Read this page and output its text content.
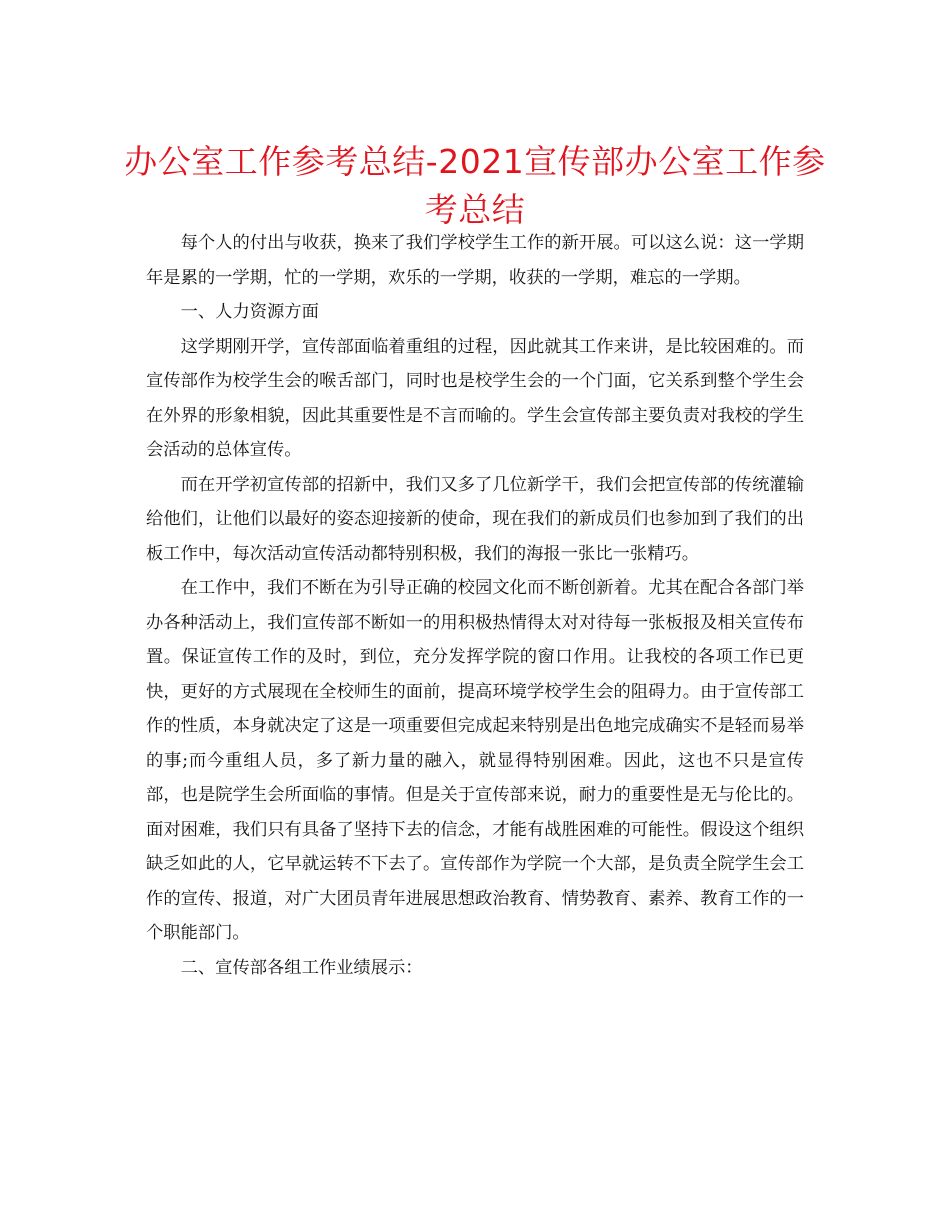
办公室工作参考总结-2021宣传部办公室工作参考总结

每个人的付出与收获，换来了我们学校学生工作的新开展。可以这么说：这一学期年是累的一学期，忙的一学期，欢乐的一学期，收获的一学期，难忘的一学期。

一、人力资源方面

这学期刚开学，宣传部面临着重组的过程，因此就其工作来讲，是比较困难的。而宣传部作为校学生会的喉舌部门，同时也是校学生会的一个门面，它关系到整个学生会在外界的形象相貌，因此其重要性是不言而喻的。学生会宣传部主要负责对我校的学生会活动的总体宣传。

而在开学初宣传部的招新中，我们又多了几位新学干，我们会把宣传部的传统灌输给他们，让他们以最好的姿态迎接新的使命，现在我们的新成员们也参加到了我们的出板工作中，每次活动宣传活动都特别积极，我们的海报一张比一张精巧。

在工作中，我们不断在为引导正确的校园文化而不断创新着。尤其在配合各部门举办各种活动上，我们宣传部不断如一的用积极热情得太对对待每一张板报及相关宣传布置。保证宣传工作的及时，到位，充分发挥学院的窗口作用。让我校的各项工作已更快，更好的方式展现在全校师生的面前，提高环境学校学生会的阻碍力。由于宣传部工作的性质，本身就决定了这是一项重要但完成起来特别是出色地完成确实不是轻而易举的事;而今重组人员，多了新力量的融入，就显得特别困难。因此，这也不只是宣传部，也是院学生会所面临的事情。但是关于宣传部来说，耐力的重要性是无与伦比的。面对困难，我们只有具备了坚持下去的信念，才能有战胜困难的可能性。假设这个组织缺乏如此的人，它早就运转不下去了。宣传部作为学院一个大部，是负责全院学生会工作的宣传、报道，对广大团员青年进展思想政治教育、情势教育、素养、教育工作的一个职能部门。

二、宣传部各组工作业绩展示：
